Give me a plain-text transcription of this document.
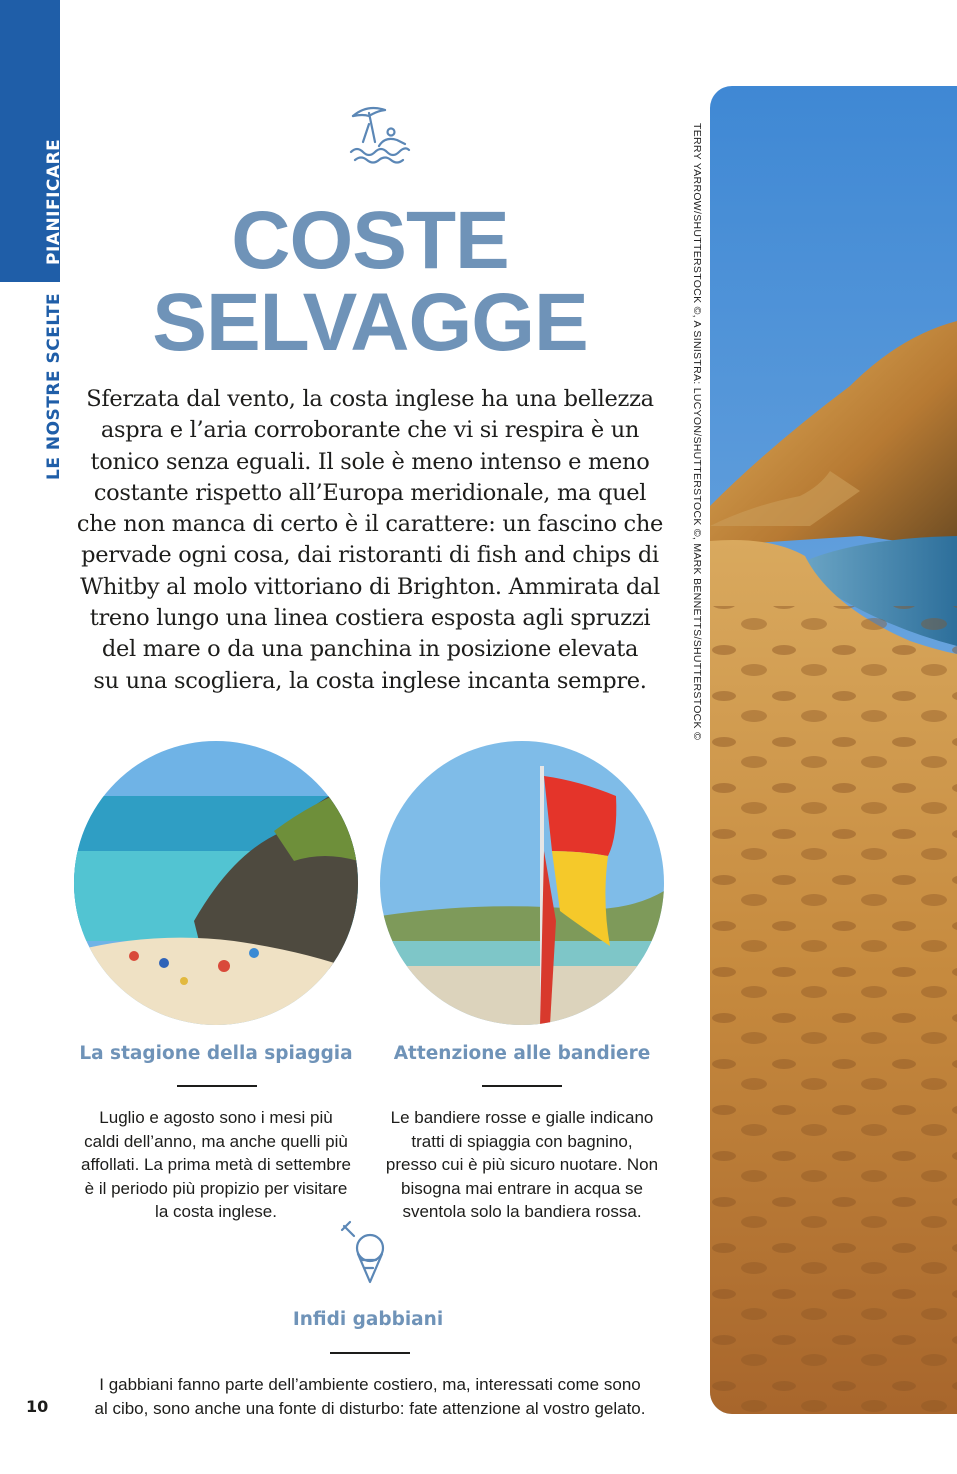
PIANIFICARE
LE NOSTRE SCELTE
COSTE
SELVAGGE

Sferzata dal vento, la costa inglese ha una bellezza
aspra e l’aria corroborante che vi si respira è un
tonico senza eguali. Il sole è meno intenso e meno
costante rispetto all’Europa meridionale, ma quel
che non manca di certo è il carattere: un fascino che
pervade ogni cosa, dai ristoranti di fish and chips di
Whitby al molo vittoriano di Brighton. Ammirata dal
treno lungo una linea costiera esposta agli spruzzi
del mare o da una panchina in posizione elevata
su una scogliera, la costa inglese incanta sempre.	TERRY YARROW/SHUTTERSTOCK ©, A SINISTRA: LUCYON/SHUTTERSTOCK ©, MARK BENNETTS/SHUTTERSTOCK ©
La stagione della spiaggia

Luglio e agosto sono i mesi più
caldi dell’anno, ma anche quelli più
affollati. La prima metà di settembre
è il periodo più propizio per visitare
la costa inglese.

Attenzione alle bandiere

Le bandiere rosse e gialle indicano
tratti di spiaggia con bagnino,
presso cui è più sicuro nuotare. Non
bisogna mai entrare in acqua se
sventola solo la bandiera rossa.

Infidi gabbiani

I gabbiani fanno parte dell’ambiente costiero, ma, interessati come sono
al cibo, sono anche una fonte di disturbo: fate attenzione al vostro gelato.

10
